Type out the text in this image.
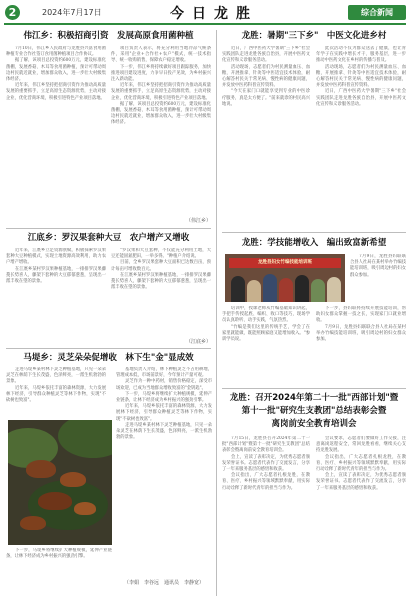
2	2024年7月17日	今日龙胜	综合新闻
伟江乡：积极招商引资　发展高原食用菌种植

7月10日，伟江乡人民政府与龙胜县兴富食用菌种植专业合作社签订食用菌种植项目合作协议。

据了解，该项目总投资约600万元，建设标准化菌棚，发展香菇、木耳等食用菌种植，预计可带动周边村民就近就业，增加群众收入，进一步壮大村级集体经济。

近年来，伟江乡坚持把招商引资作为推动高质量发展的重要抓手，立足高原生态资源优势，主动对接企业，优化营商环境，积极引进特色产业项目落地。

项目负责人表示，将充分利用当地冷凉气候条件，采用"企业+合作社+农户"模式，统一技术指导、统一收购销售，保障农户稳定增收。

下一步，伟江乡将持续做好项目跟踪服务，加快推进项目建设进度，力争早日投产见效，为乡村振兴注入新动能。

近年来，伟江乡坚持把招商引资作为推动高质量发展的重要抓手，立足高原生态资源优势，主动对接企业，优化营商环境，积极引进特色产业项目落地。

据了解，该项目总投资约600万元，建设标准化菌棚，发展香菇、木耳等食用菌种植，预计可带动周边村民就近就业，增加群众收入，进一步壮大村级集体经济。

（伟江乡）
江底乡：罗汉果套种大豆　农户增产又增收

近年来，江底乡立足资源禀赋，积极探索罗汉果套种大豆种植模式，实现土地资源高效利用，助力农户增产增收。

在江底乡某村罗汉果种植基地，一排排罗汉果藤蔓长势喜人，藤架下套种的大豆郁郁葱葱，呈现出一派丰收在望的景象。

"罗汉果和大豆套种，不仅能充分利用土地，大豆还能固氮肥田，一举多得。"种植户介绍说。

目前，全乡罗汉果套种大豆面积已达数百亩，预计每亩可增收数百元。

在江底乡某村罗汉果种植基地，一排排罗汉果藤蔓长势喜人，藤架下套种的大豆郁郁葱葱，呈现出一派丰收在望的景象。

（江底乡）
马堤乡：灵芝朵朵促增收　林下生"金"显成效

走进马堤乡某村林下灵芝种植基地，只见一朵朵灵芝在林荫下生长茂盛，色泽鲜亮，一派生机勃勃的景象。

近年来，马堤乡依托丰富的森林资源，大力发展林下经济，引导群众种植灵芝等林下作物，实现"不砍树也致富"。

基地负责人介绍，林下种植灵芝不占用耕地，管理成本低，市场前景好，今年预计产量可观。

灵芝作为一种中药材，销售价格稳定，深受市场欢迎，已成为当地群众增收致富的"金钥匙"。

下一步，马堤乡将继续扩大种植规模，延伸产业链条，让林下经济成为乡村振兴的强劲引擎。

近年来，马堤乡依托丰富的森林资源，大力发展林下经济，引导群众种植灵芝等林下作物，实现"不砍树也致富"。

走进马堤乡某村林下灵芝种植基地，只见一朵朵灵芝在林荫下生长茂盛，色泽鲜亮，一派生机勃勃的景象。

（李娟　李谷远　通讯员　李静宽）

下一步，马堤乡将继续扩大种植规模，延伸产业链条，让林下经济成为乡村振兴的强劲引擎。

龙胜：暑期"三下乡"　中医文化进乡村

近日，广西中医药大学暑期"三下乡"社会实践团队走进龙胜各族自治县，开展中医药文化宣传和义诊服务活动。

活动现场，志愿者们为村民测量血压、血糖，开展推拿、针灸等中医适宜技术体验，耐心解答村民关于常见病、慢性病的健康问题，并发放中医药科普宣传资料。

"今天在家门口就能享受到专业的中医诊疗服务，真是太方便了。"前来就诊的村民高兴地说。

此次活动不仅为群众送去了健康，也让青年学子在实践中增长才干、服务基层，进一步推动中医药文化在乡村的传播与普及。

活动现场，志愿者们为村民测量血压、血糖，开展推拿、针灸等中医适宜技术体验，耐心解答村民关于常见病、慢性病的健康问题，并发放中医药科普宣传资料。

近日，广西中医药大学暑期"三下乡"社会实践团队走进龙胜各族自治县，开展中医药文化宣传和义诊服务活动。

龙胜：学技能增收入　编出致富新希望
龙胜县妇女竹编技能培训班

7月9日，龙胜县妇联联合县人社局在某村举办竹编技能培训班，吸引周边村的妇女群众参加。

培训中，授课老师从竹编基础知识讲起，手把手传授起底、编织、收口等技巧，现场学员认真聆听、动手实践，气氛热烈。

"竹编是我们这里的传统手艺，学会了在家里就能做，既能照顾家庭又能增加收入。"参训学员说。

下一步，县妇联将持续开展技能培训，帮助妇女群众掌握一技之长，实现家门口就业增收。

7月9日，龙胜县妇联联合县人社局在某村举办竹编技能培训班，吸引周边村的妇女群众参加。

龙胜：召开2024年第二十一批"西部计划"暨
第十一批"研究生支教团"总结表彰会暨
离岗前安全教育培训会

7月15日，龙胜县召开2024年第二十一批"西部计划"暨第十一批"研究生支教团"总结表彰会暨离岗前安全教育培训会。

会上，宣读了表彰决定，为优秀志愿者颁发荣誉证书。志愿者代表作了交流发言，分享了一年来服务基层的感悟和收获。

会议指出，广大志愿者扎根龙胜，在教育、医疗、乡村振兴等领域默默奉献，用实际行动诠释了新时代青年的担当与作为。

会议要求，志愿者们要做好工作交接，注意离岗返程安全，常回龙胜看看，继续关心支持龙胜发展。

会议指出，广大志愿者扎根龙胜，在教育、医疗、乡村振兴等领域默默奉献，用实际行动诠释了新时代青年的担当与作为。

会上，宣读了表彰决定，为优秀志愿者颁发荣誉证书。志愿者代表作了交流发言，分享了一年来服务基层的感悟和收获。
